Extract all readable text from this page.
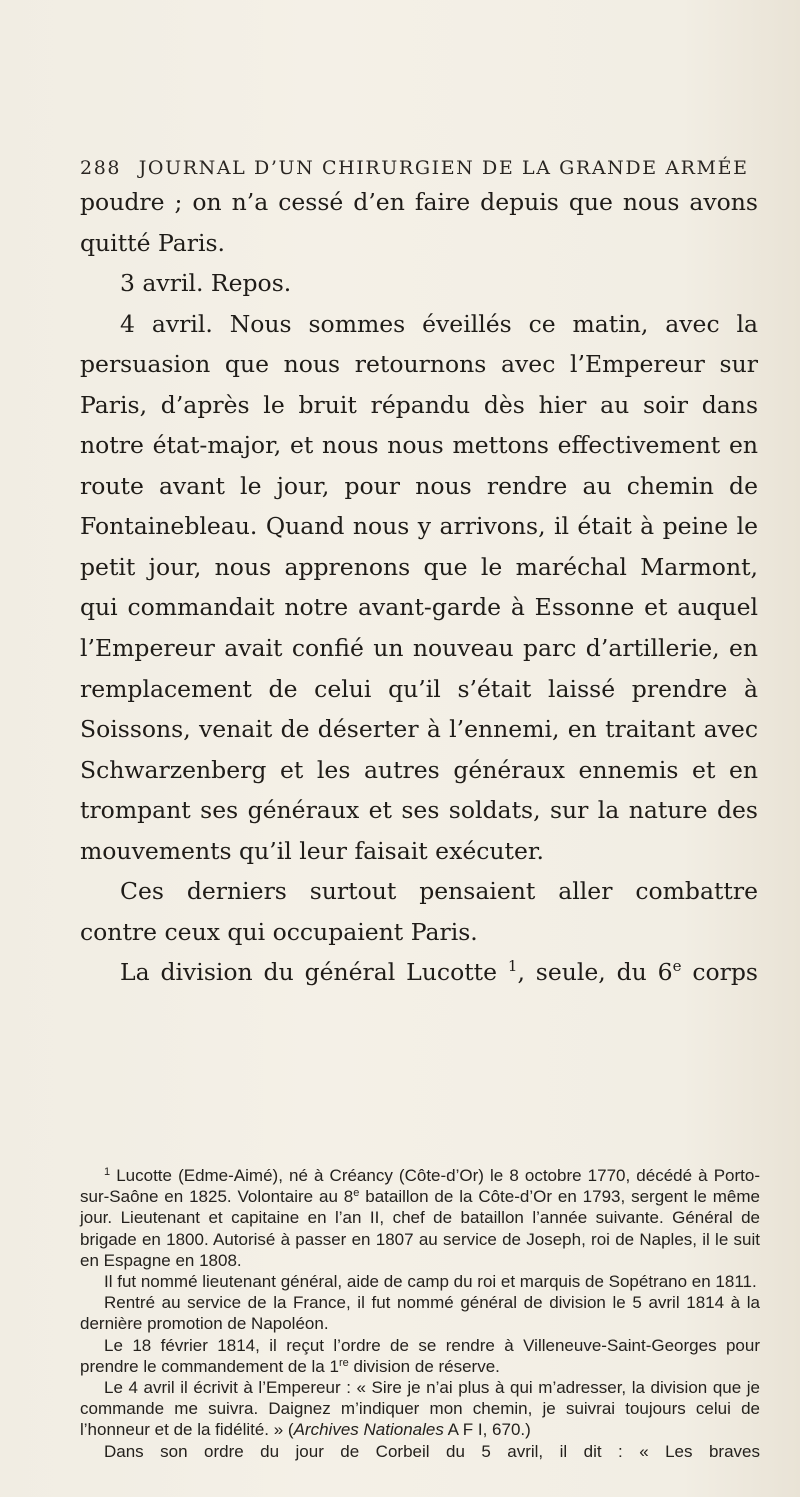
288 JOURNAL D’UN CHIRURGIEN DE LA GRANDE ARMÉE

poudre ; on n’a cessé d’en faire depuis que nous avons quitté Paris.

3 avril. Repos.

4 avril. Nous sommes éveillés ce matin, avec la persuasion que nous retournons avec l’Empereur sur Paris, d’après le bruit répandu dès hier au soir dans notre état-major, et nous nous mettons effectivement en route avant le jour, pour nous rendre au chemin de Fontainebleau. Quand nous y arrivons, il était à peine le petit jour, nous apprenons que le maréchal Marmont, qui commandait notre avant-garde à Essonne et auquel l’Empereur avait confié un nouveau parc d’artillerie, en remplacement de celui qu’il s’était laissé prendre à Soissons, venait de déserter à l’ennemi, en traitant avec Schwarzenberg et les autres généraux ennemis et en trompant ses généraux et ses soldats, sur la nature des mouvements qu’il leur faisait exécuter.

Ces derniers surtout pensaient aller combattre contre ceux qui occupaient Paris.

La division du général Lucotte $^1$, seule, du 6e corps

$^1$ Lucotte (Edme-Aimé), né à Créancy (Côte-d’Or) le 8 octobre 1770, décédé à Porto-sur-Saône en 1825. Volontaire au 8e bataillon de la Côte-d’Or en 1793, sergent le même jour. Lieutenant et capitaine en l’an II, chef de bataillon l’année suivante. Général de brigade en 1800. Autorisé à passer en 1807 au service de Joseph, roi de Naples, il le suit en Espagne en 1808.

Il fut nommé lieutenant général, aide de camp du roi et marquis de Sopétrano en 1811.

Rentré au service de la France, il fut nommé général de division le 5 avril 1814 à la dernière promotion de Napoléon.

Le 18 février 1814, il reçut l’ordre de se rendre à Villeneuve-Saint-Georges pour prendre le commandement de la 1re division de réserve.

Le 4 avril il écrivit à l’Empereur : « Sire je n’ai plus à qui m’adresser, la division que je commande me suivra. Daignez m’indiquer mon chemin, je suivrai toujours celui de l’honneur et de la fidélité. » (Archives Nationales A F I, 670.)

Dans son ordre du jour de Corbeil du 5 avril, il dit : « Les braves
